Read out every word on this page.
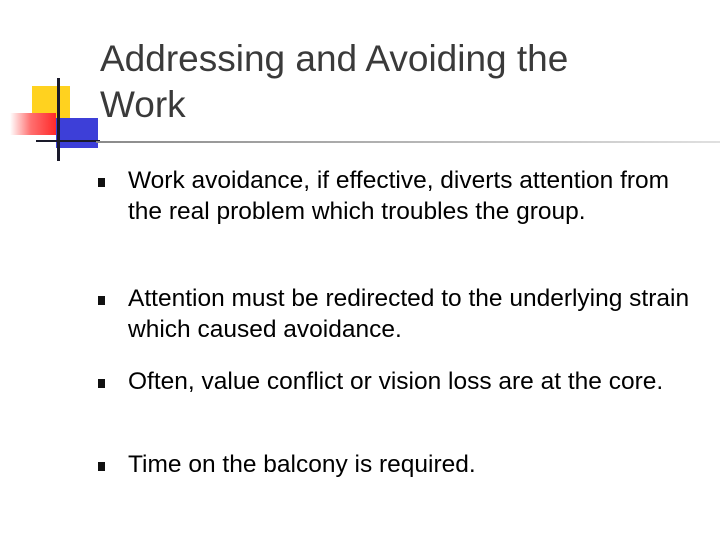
Addressing and Avoiding the Work
Work avoidance, if effective, diverts attention from the real problem which troubles the group.
Attention must be redirected to the underlying strain which caused avoidance.
Often, value conflict or vision loss are at the core.
Time on the balcony is required.
